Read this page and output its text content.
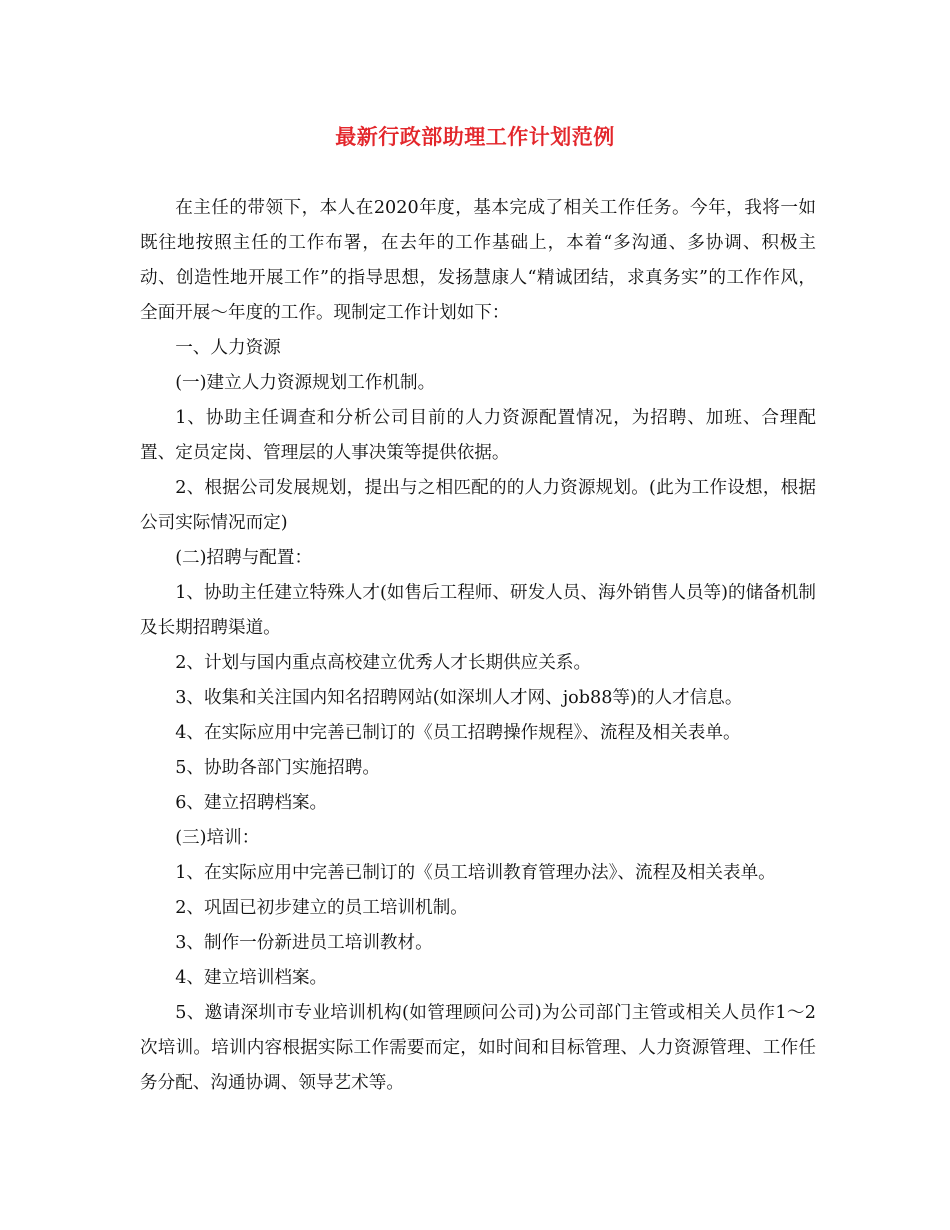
最新行政部助理工作计划范例

在主任的带领下，本人在2020年度，基本完成了相关工作任务。今年，我将一如既往地按照主任的工作布署，在去年的工作基础上，本着“多沟通、多协调、积极主动、创造性地开展工作”的指导思想，发扬慧康人“精诚团结，求真务实”的工作作风，全面开展～年度的工作。现制定工作计划如下：

一、人力资源

(一)建立人力资源规划工作机制。

1、协助主任调查和分析公司目前的人力资源配置情况，为招聘、加班、合理配置、定员定岗、管理层的人事决策等提供依据。

2、根据公司发展规划，提出与之相匹配的的人力资源规划。(此为工作设想，根据公司实际情况而定)

(二)招聘与配置：

1、协助主任建立特殊人才(如售后工程师、研发人员、海外销售人员等)的储备机制及长期招聘渠道。

2、计划与国内重点高校建立优秀人才长期供应关系。

3、收集和关注国内知名招聘网站(如深圳人才网、job88等)的人才信息。

4、在实际应用中完善已制订的《员工招聘操作规程》、流程及相关表单。

5、协助各部门实施招聘。

6、建立招聘档案。

(三)培训：

1、在实际应用中完善已制订的《员工培训教育管理办法》、流程及相关表单。

2、巩固已初步建立的员工培训机制。

3、制作一份新进员工培训教材。

4、建立培训档案。

5、邀请深圳市专业培训机构(如管理顾问公司)为公司部门主管或相关人员作1～2次培训。培训内容根据实际工作需要而定，如时间和目标管理、人力资源管理、工作任务分配、沟通协调、领导艺术等。
